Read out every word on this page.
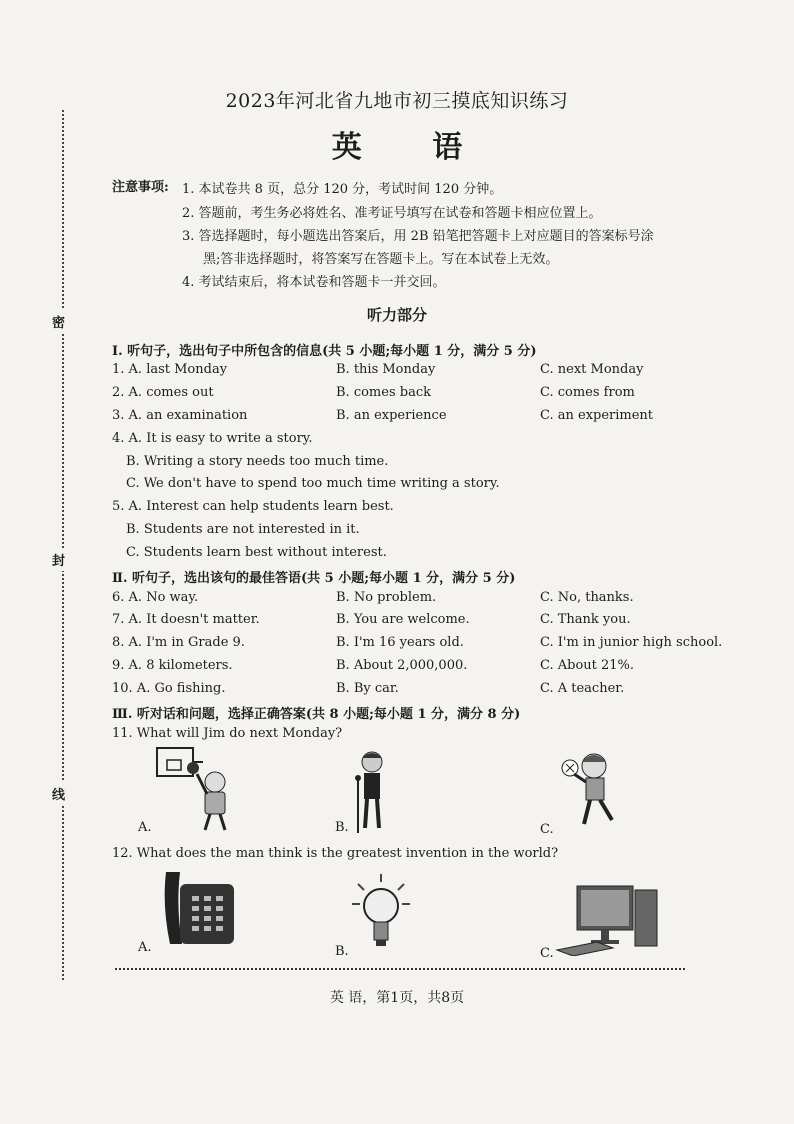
密
封
线
2023年河北省九地市初三摸底知识练习
英 语
注意事项: 1. 本试卷共 8 页，总分 120 分，考试时间 120 分钟。
2. 答题前，考生务必将姓名、准考证号填写在试卷和答题卡相应位置上。
3. 答选择题时，每小题选出答案后，用 2B 铅笔把答题卡上对应题目的答案标号涂
黑;答非选择题时，将答案写在答题卡上。写在本试卷上无效。
4. 考试结束后，将本试卷和答题卡一并交回。
听力部分
Ⅰ. 听句子，选出句子中所包含的信息(共 5 小题;每小题 1 分，满分 5 分)
1. A. last Monday	B. this Monday	C. next Monday
2. A. comes out	B. comes back	C. comes from
3. A. an examination	B. an experience	C. an experiment
4. A. It is easy to write a story.
B. Writing a story needs too much time.
C. We don't have to spend too much time writing a story.
5. A. Interest can help students learn best.
B. Students are not interested in it.
C. Students learn best without interest.
Ⅱ. 听句子，选出该句的最佳答语(共 5 小题;每小题 1 分，满分 5 分)
6. A. No way.	B. No problem.	C. No, thanks.
7. A. It doesn't matter.	B. You are welcome.	C. Thank you.
8. A. I'm in Grade 9.	B. I'm 16 years old.	C. I'm in junior high school.
9. A. 8 kilometers.	B. About 2,000,000.	C. About 21%.
10. A. Go fishing.	B. By car.	C. A teacher.
Ⅲ. 听对话和问题，选择正确答案(共 8 小题;每小题 1 分，满分 8 分)
11. What will Jim do next Monday?
A.	B.	C.
12. What does the man think is the greatest invention in the world?
A.	B.	C.
英 语，第1页，共8页
